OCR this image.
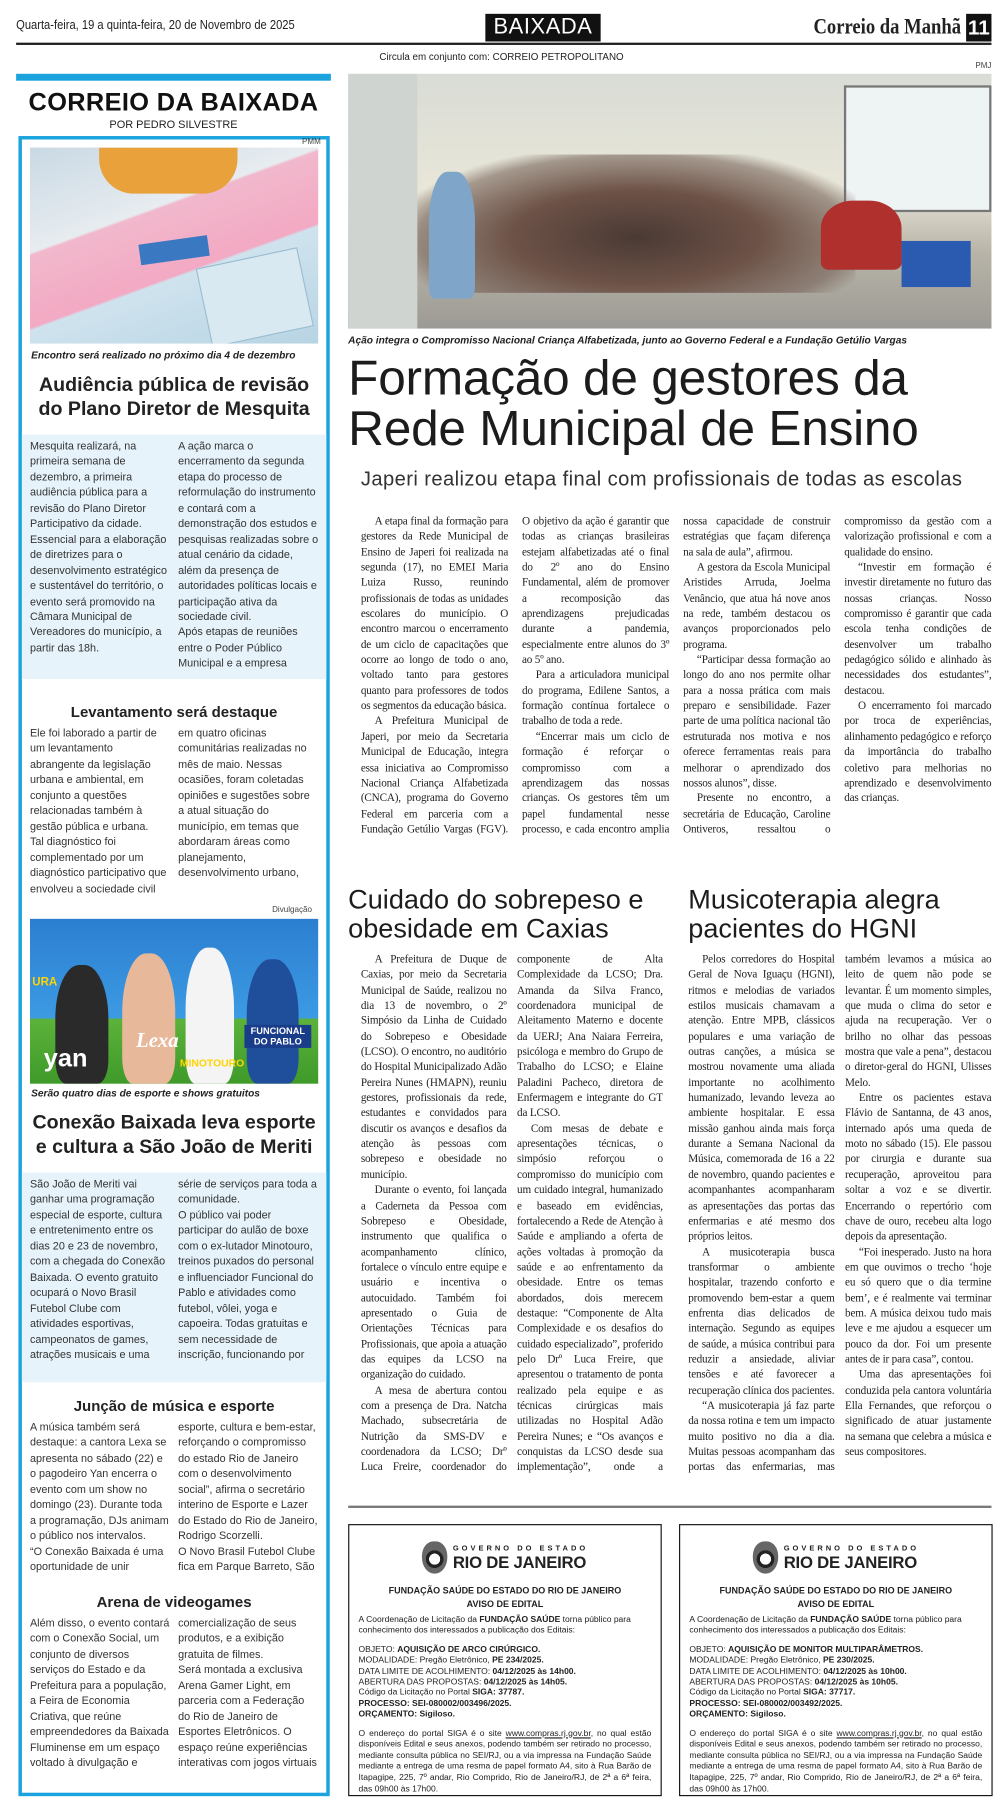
Quarta-feira, 19 a quinta-feira, 20 de Novembro de 2025	BAIXADA	Correio da Manhã 11
Circula em conjunto com: CORREIO PETROPOLITANO
CORREIO DA BAIXADA
POR PEDRO SILVESTRE
PMM
Encontro será realizado no próximo dia 4 de dezembro
Audiência pública de revisão do Plano Diretor de Mesquita

Mesquita realizará, na primeira semana de dezembro, a primeira audiência pública para a revisão do Plano Diretor Participativo da cidade. Essencial para a elaboração de diretrizes para o desenvolvimento estratégico e sustentável do território, o evento será promovido na Câmara Municipal de Vereadores do município, a partir das 18h.

A ação marca o encerramento da segunda etapa do processo de reformulação do instrumento e contará com a demonstração dos estudos e pesquisas realizadas sobre o atual cenário da cidade, além da presença de autoridades políticas locais e participação ativa da sociedade civil.

Após etapas de reuniões entre o Poder Público Municipal e a empresa

Levantamento será destaque

Ele foi laborado a partir de um levantamento abrangente da legislação urbana e ambiental, em conjunto a questões relacionadas também à gestão pública e urbana.

Tal diagnóstico foi complementado por um diagnóstico participativo que envolveu a sociedade civil em quatro oficinas comunitárias realizadas no mês de maio. Nessas ocasiões, foram coletadas opiniões e sugestões sobre a atual situação do município, em temas que abordaram áreas como planejamento, desenvolvimento urbano,

Divulgação
URA
yan
Lexa
MINOTOURO
FUNCIONAL DO PABLO
Serão quatro dias de esporte e shows gratuitos
Conexão Baixada leva esporte e cultura a São João de Meriti

São João de Meriti vai ganhar uma programação especial de esporte, cultura e entretenimento entre os dias 20 e 23 de novembro, com a chegada do Conexão Baixada. O evento gratuito ocupará o Novo Brasil Futebol Clube com atividades esportivas, campeonatos de games, atrações musicais e uma série de serviços para toda a comunidade.

O público vai poder participar do aulão de boxe com o ex-lutador Minotouro, treinos puxados do personal e influenciador Funcional do Pablo e atividades como futebol, vôlei, yoga e capoeira. Todas gratuitas e sem necessidade de inscrição, funcionando por

Junção de música e esporte

A música também será destaque: a cantora Lexa se apresenta no sábado (22) e o pagodeiro Yan encerra o evento com um show no domingo (23). Durante toda a programação, DJs animam o público nos intervalos.

“O Conexão Baixada é uma oportunidade de unir esporte, cultura e bem-estar, reforçando o compromisso do estado Rio de Janeiro com o desenvolvimento social”, afirma o secretário interino de Esporte e Lazer do Estado do Rio de Janeiro, Rodrigo Scorzelli.

O Novo Brasil Futebol Clube fica em Parque Barreto, São

Arena de videogames

Além disso, o evento contará com o Conexão Social, um conjunto de diversos serviços do Estado e da Prefeitura para a população, a Feira de Economia Criativa, que reúne empreendedores da Baixada Fluminense em um espaço voltado à divulgação e comercialização de seus produtos, e a exibição gratuita de filmes.

Será montada a exclusiva Arena Gamer Light, em parceria com a Federação do Rio de Janeiro de Esportes Eletrônicos. O espaço reúne experiências interativas com jogos virtuais

PMJ
Ação integra o Compromisso Nacional Criança Alfabetizada, junto ao Governo Federal e a Fundação Getúlio Vargas
Formação de gestores da Rede Municipal de Ensino
Japeri realizou etapa final com profissionais de todas as escolas

A etapa final da formação para gestores da Rede Municipal de Ensino de Japeri foi realizada na segunda (17), no EMEI Maria Luiza Russo, reunindo profissionais de todas as unidades escolares do município. O encontro marcou o encerramento de um ciclo de capacitações que ocorre ao longo de todo o ano, voltado tanto para gestores quanto para professores de todos os segmentos da educação básica.

A Prefeitura Municipal de Japeri, por meio da Secretaria Municipal de Educação, integra essa iniciativa ao Compromisso Nacional Criança Alfabetizada (CNCA), programa do Governo Federal em parceria com a Fundação Getúlio Vargas (FGV). O objetivo da ação é garantir que todas as crianças brasileiras estejam alfabetizadas até o final do 2º ano do Ensino Fundamental, além de promover a recomposição das aprendizagens prejudicadas durante a pandemia, especialmente entre alunos do 3º ao 5º ano.

Para a articuladora municipal do programa, Edilene Santos, a formação contínua fortalece o trabalho de toda a rede.

“Encerrar mais um ciclo de formação é reforçar o compromisso com a aprendizagem das nossas crianças. Os gestores têm um papel fundamental nesse processo, e cada encontro amplia nossa capacidade de construir estratégias que façam diferença na sala de aula”, afirmou.

A gestora da Escola Municipal Aristides Arruda, Joelma Venâncio, que atua há nove anos na rede, também destacou os avanços proporcionados pelo programa.

“Participar dessa formação ao longo do ano nos permite olhar para a nossa prática com mais preparo e sensibilidade. Fazer parte de uma política nacional tão estruturada nos motiva e nos oferece ferramentas reais para melhorar o aprendizado dos nossos alunos”, disse.

Presente no encontro, a secretária de Educação, Caroline Ontiveros, ressaltou o compromisso da gestão com a valorização profissional e com a qualidade do ensino.

“Investir em formação é investir diretamente no futuro das nossas crianças. Nosso compromisso é garantir que cada escola tenha condições de desenvolver um trabalho pedagógico sólido e alinhado às necessidades dos estudantes”, destacou.

O encerramento foi marcado por troca de experiências, alinhamento pedagógico e reforço da importância do trabalho coletivo para melhorias no aprendizado e desenvolvimento das crianças.

Cuidado do sobrepeso e obesidade em Caxias

A Prefeitura de Duque de Caxias, por meio da Secretaria Municipal de Saúde, realizou no dia 13 de novembro, o 2º Simpósio da Linha de Cuidado do Sobrepeso e Obesidade (LCSO). O encontro, no auditório do Hospital Municipalizado Adão Pereira Nunes (HMAPN), reuniu gestores, profissionais da rede, estudantes e convidados para discutir os avanços e desafios da atenção às pessoas com sobrepeso e obesidade no município.

Durante o evento, foi lançada a Caderneta da Pessoa com Sobrepeso e Obesidade, instrumento que qualifica o acompanhamento clínico, fortalece o vínculo entre equipe e usuário e incentiva o autocuidado. Também foi apresentado o Guia de Orientações Técnicas para Profissionais, que apoia a atuação das equipes da LCSO na organização do cuidado.

A mesa de abertura contou com a presença de Dra. Natcha Machado, subsecretária de Nutrição da SMS-DV e coordenadora da LCSO; Drº Luca Freire, coordenador do componente de Alta Complexidade da LCSO; Dra. Amanda da Silva Franco, coordenadora municipal de Aleitamento Materno e docente da UERJ; Ana Naiara Ferreira, psicóloga e membro do Grupo de Trabalho do LCSO; e Elaine Paladini Pacheco, diretora de Enfermagem e integrante do GT da LCSO.

Com mesas de debate e apresentações técnicas, o simpósio reforçou o compromisso do município com um cuidado integral, humanizado e baseado em evidências, fortalecendo a Rede de Atenção à Saúde e ampliando a oferta de ações voltadas à promoção da saúde e ao enfrentamento da obesidade. Entre os temas abordados, dois merecem destaque: “Componente de Alta Complexidade e os desafios do cuidado especializado”, proferido pelo Drº Luca Freire, que apresentou o tratamento de ponta realizado pela equipe e as técnicas cirúrgicas mais utilizadas no Hospital Adão Pereira Nunes; e “Os avanços e conquistas da LCSO desde sua implementação”, onde a

Musicoterapia alegra pacientes do HGNI

Pelos corredores do Hospital Geral de Nova Iguaçu (HGNI), ritmos e melodias de variados estilos musicais chamavam a atenção. Entre MPB, clássicos populares e uma variação de outras canções, a música se mostrou novamente uma aliada importante no acolhimento humanizado, levando leveza ao ambiente hospitalar. E essa missão ganhou ainda mais força durante a Semana Nacional da Música, comemorada de 16 a 22 de novembro, quando pacientes e acompanhantes acompanharam as apresentações das portas das enfermarias e até mesmo dos próprios leitos.

A musicoterapia busca transformar o ambiente hospitalar, trazendo conforto e promovendo bem-estar a quem enfrenta dias delicados de internação. Segundo as equipes de saúde, a música contribui para reduzir a ansiedade, aliviar tensões e até favorecer a recuperação clínica dos pacientes.

“A musicoterapia já faz parte da nossa rotina e tem um impacto muito positivo no dia a dia. Muitas pessoas acompanham das portas das enfermarias, mas também levamos a música ao leito de quem não pode se levantar. É um momento simples, que muda o clima do setor e ajuda na recuperação. Ver o brilho no olhar das pessoas mostra que vale a pena”, destacou o diretor-geral do HGNI, Ulisses Melo.

Entre os pacientes estava Flávio de Santanna, de 43 anos, internado após uma queda de moto no sábado (15). Ele passou por cirurgia e durante sua recuperação, aproveitou para soltar a voz e se divertir. Encerrando o repertório com chave de ouro, recebeu alta logo depois da apresentação.

“Foi inesperado. Justo na hora em que ouvimos o trecho ‘hoje eu só quero que o dia termine bem’, e é realmente vai terminar bem. A música deixou tudo mais leve e me ajudou a esquecer um pouco da dor. Foi um presente antes de ir para casa”, contou.

Uma das apresentações foi conduzida pela cantora voluntária Ella Fernandes, que reforçou o significado de atuar justamente na semana que celebra a música e seus compositores.

GOVERNO DO ESTADO
RIO DE JANEIRO
FUNDAÇÃO SAÚDE DO ESTADO DO RIO DE JANEIRO
AVISO DE EDITAL
A Coordenação de Licitação da FUNDAÇÃO SAÚDE torna público para conhecimento dos interessados a publicação dos Editais:
OBJETO: AQUISIÇÃO DE ARCO CIRÚRGICO.
MODALIDADE: Pregão Eletrônico, PE 234/2025.
DATA LIMITE DE ACOLHIMENTO: 04/12/2025 às 14h00.
ABERTURA DAS PROPOSTAS: 04/12/2025 às 14h05.
Código da Licitação no Portal SIGA: 37787.
PROCESSO: SEI-080002/003496/2025.
ORÇAMENTO: Sigiloso.
O endereço do portal SIGA é o site www.compras.rj.gov.br, no qual estão disponíveis Edital e seus anexos, podendo também ser retirado no processo, mediante consulta pública no SEI/RJ, ou a via impressa na Fundação Saúde mediante a entrega de uma resma de papel formato A4, sito à Rua Barão de Itapagipe, 225, 7º andar, Rio Comprido, Rio de Janeiro/RJ, de 2ª a 6ª feira, das 09h00 às 17h00.
GOVERNO DO ESTADO
RIO DE JANEIRO
FUNDAÇÃO SAÚDE DO ESTADO DO RIO DE JANEIRO
AVISO DE EDITAL
A Coordenação de Licitação da FUNDAÇÃO SAÚDE torna público para conhecimento dos interessados a publicação dos Editais:
OBJETO: AQUISIÇÃO DE MONITOR MULTIPARÂMETROS.
MODALIDADE: Pregão Eletrônico, PE 230/2025.
DATA LIMITE DE ACOLHIMENTO: 04/12/2025 às 10h00.
ABERTURA DAS PROPOSTAS: 04/12/2025 às 10h05.
Código da Licitação no Portal SIGA: 37717.
PROCESSO: SEI-080002/003492/2025.
ORÇAMENTO: Sigiloso.
O endereço do portal SIGA é o site www.compras.rj.gov.br, no qual estão disponíveis Edital e seus anexos, podendo também ser retirado no processo, mediante consulta pública no SEI/RJ, ou a via impressa na Fundação Saúde mediante a entrega de uma resma de papel formato A4, sito à Rua Barão de Itapagipe, 225, 7º andar, Rio Comprido, Rio de Janeiro/RJ, de 2ª a 6ª feira, das 09h00 às 17h00.
